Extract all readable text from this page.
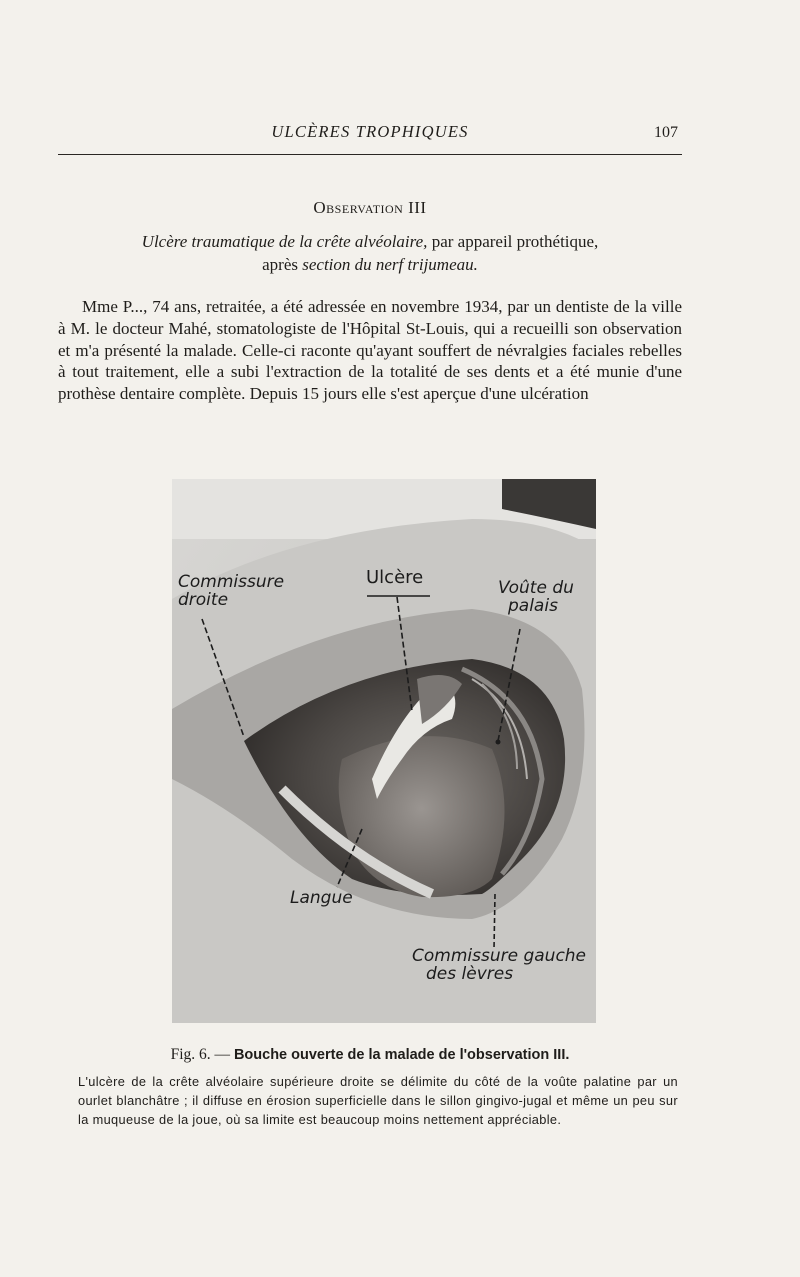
ULCÈRES TROPHIQUES	107
Observation III
Ulcère traumatique de la crête alvéolaire, par appareil prothétique,
après section du nerf trijumeau.
Mme P..., 74 ans, retraitée, a été adressée en novembre 1934, par un dentiste de la ville à M. le docteur Mahé, stomatologiste de l'Hôpital St-Louis, qui a recueilli son observation et m'a présenté la malade. Celle-ci raconte qu'ayant souffert de névralgies faciales rebelles à tout traitement, elle a subi l'extraction de la totalité de ses dents et a été munie d'une prothèse dentaire complète. Depuis 15 jours elle s'est aperçue d'une ulcération
Commissure
droite
Ulcère	Voûte du
palais
Langue
Commissure gauche
des lèvres
Fig. 6. — Bouche ouverte de la malade de l'observation III.
L'ulcère de la crête alvéolaire supérieure droite se délimite du côté de la voûte palatine par un ourlet blanchâtre ; il diffuse en érosion superficielle dans le sillon gingivo-jugal et même un peu sur la muqueuse de la joue, où sa limite est beaucoup moins nettement appréciable.
